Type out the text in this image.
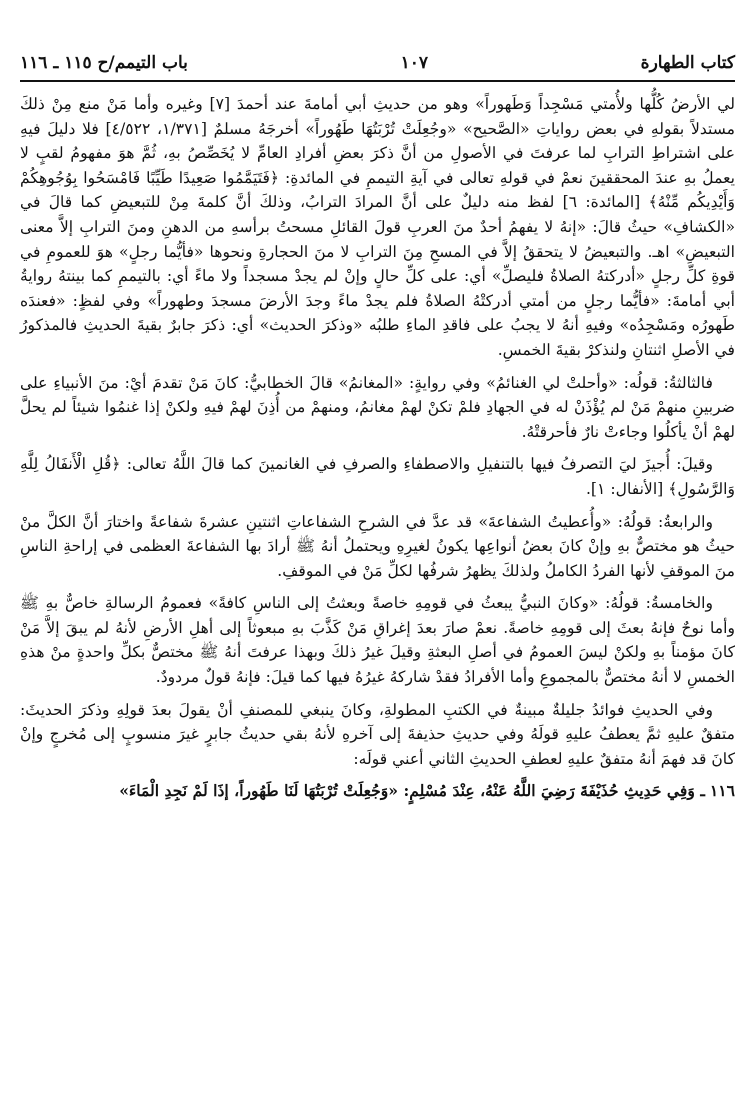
باب التيمم/ح ١١٥ ـ ١١٦	١٠٧	كتاب الطهارة

لي الأرضُ كُلُّها ولأُمتي مَسْجِداً وَطَهوراً» وهو من حديثِ أبي أمامةَ عند أحمدَ [٧] وغيره وأما مَنْ منع مِنْ ذلكَ مستدلاً بقولهِ في بعض رواياتِ «الصَّحيح» «وجُعِلَتْ تُرْبَتُهَا طَهُوراً» أخرجَهُ مسلمٌ [١/٣٧١، ٤/٥٢٢] فلا دليلَ فيهِ على اشتراطِ الترابِ لما عرفتَ في الأصولِ من أنَّ ذكرَ بعضِ أفرادِ العامِّ لا يُخَصِّصُ بهِ، ثُمَّ هوَ مفهومُ لقبٍ لا يعملُ بهِ عندَ المحققينَ نعمْ في قولهِ تعالى في آيةِ التيممِ في المائدةِ: ﴿فَتَيَمَّمُوا صَعِيدًا طَيِّبًا فَامْسَحُوا بِوُجُوهِكُمْ وَأَيْدِيكُم مِّنْهُ﴾ [المائدة: ٦] لفظ منه دليلٌ على أنَّ المرادَ الترابُ، وذلكَ أنَّ كلمةَ مِنْ للتبعيضِ كما قالَ في «الكشافِ» حيثُ قالَ: «إنهُ لا يفهمُ أحدٌ منَ العربِ قولَ القائلِ مسحتُ برأسهِ من الدهنِ ومنَ الترابِ إلاَّ معنى التبعيضِ» اهـ. والتبعيضُ لا يتحققُ إلاَّ في المسحِ مِنَ الترابِ لا منَ الحجارةِ ونحوها «فأيُّما رجلٍ» هوَ للعمومِ في قوةِ كلِّ رجلٍ «أدركتهُ الصلاةُ فليصلِّ» أي: على كلِّ حالٍ وإنْ لم يجدْ مسجداً ولا ماءً أي: بالتيممِ كما بينتهُ روايةُ أبي أمامةَ: «فأيُّما رجلٍ من أمتي أدركتْهُ الصلاةُ فلم يجدْ ماءً وجدَ الأرضَ مسجدَ وطهوراً» وفي لفظٍ: «فعندَه طَهورُه ومَسْجِدُه» وفيهِ أنهُ لا يجبُ على فاقدِ الماءِ طلبُه «وذكرَ الحديث» أي: ذكرَ جابرٌ بقيةَ الحديثِ فالمذكورُ في الأصلِ اثنتانِ ولنذكرْ بقيةَ الخمسِ.

فالثالثةُ: قولُه: «وأحلتْ لي الغنائمُ» وفي روايةٍ: «المغانمُ» قالَ الخطابيُّ: كانَ مَنْ تقدمَ أيْ: منَ الأنبياءِ على ضربينِ منهمْ مَنْ لم يُؤْذَنْ له في الجهادِ فلمْ تكنْ لهمْ مغانمُ، ومنهمْ من أُذِنَ لهمْ فيهِ ولكنْ إذا غنمُوا شيئاً لم يحلَّ لهمْ أنْ يأكلُوا وجاءتْ نارٌ فأحرقتْهُ.

وقيلَ: أُجيزَ ليَ التصرفُ فيها بالتنفيلِ والاصطفاءِ والصرفِ في الغانمينَ كما قالَ اللَّهُ تعالى: ﴿قُلِ الْأَنفَالُ لِلَّهِ وَالرَّسُولِ﴾ [الأنفال: ١].

والرابعةُ: قولُهُ: «وأُعطيتُ الشفاعةَ» قد عدَّ في الشرحِ الشفاعاتِ اثنتينِ عشرةَ شفاعةً واختارَ أنَّ الكلَّ منْ حيثُ هو مختصٌّ بهِ وإنْ كانَ بعضُ أنواعِها يكونُ لغيرِهِ ويحتملُ أنهُ ﷺ أرادَ بها الشفاعةَ العظمى في إراحةِ الناسِ منَ الموقفِ لأنها الفردُ الكاملُ ولذلكَ يظهرُ شرفُها لكلِّ مَنْ في الموقفِ.

والخامسةُ: قولُهُ: «وكانَ النبيُّ يبعثُ في قومِهِ خاصةً وبعثتُ إلى الناسِ كافةً» فعمومُ الرسالةِ خاصٌّ بهِ ﷺ وأما نوحٌ فإنهُ بعثَ إلى قومِهِ خاصةً. نعمْ صارَ بعدَ إغراقِ مَنْ كَذَّبَ بهِ مبعوثاً إلى أهلِ الأرضِ لأنهُ لم يبقَ إلاَّ مَنْ كانَ مؤمناً بهِ ولكنْ ليسَ العمومُ في أصلِ البعثةِ وقيلَ غيرُ ذلكَ وبهذا عرفتَ أنهُ ﷺ مختصٌّ بكلِّ واحدةٍ منْ هذهِ الخمسِ لا أنهُ مختصٌّ بالمجموعِ وأما الأفرادُ فقدْ شاركهُ غيرُهُ فيها كما قيلَ: فإنهُ قولٌ مردودٌ.

وفي الحديثِ فوائدُ جليلةٌ مبينةٌ في الكتبِ المطولةِ، وكانَ ينبغي للمصنفِ أنْ يقولَ بعدَ قولِهِ وذكرَ الحديثَ: متفقٌ عليهِ ثمَّ يعطفُ عليهِ قولَهُ وفي حديثِ حذيفةَ إلى آخرهِ لأنهُ بقي حديثُ جابرٍ غيرَ منسوبٍ إلى مُخرجٍ وإنْ كانَ قد فهمَ أنهُ متفقٌ عليهِ لعطفِ الحديثِ الثاني أعني قولَه:

١١٦ ـ وَفِي حَدِيثِ حُذَيْفَةَ رَضِيَ اللَّهُ عَنْهُ، عِنْدَ مُسْلِمٍ: «وَجُعِلَتْ تُرْبَتُهَا لَنَا طَهُوراً، إذَا لَمْ نَجِدِ الْمَاءَ»
